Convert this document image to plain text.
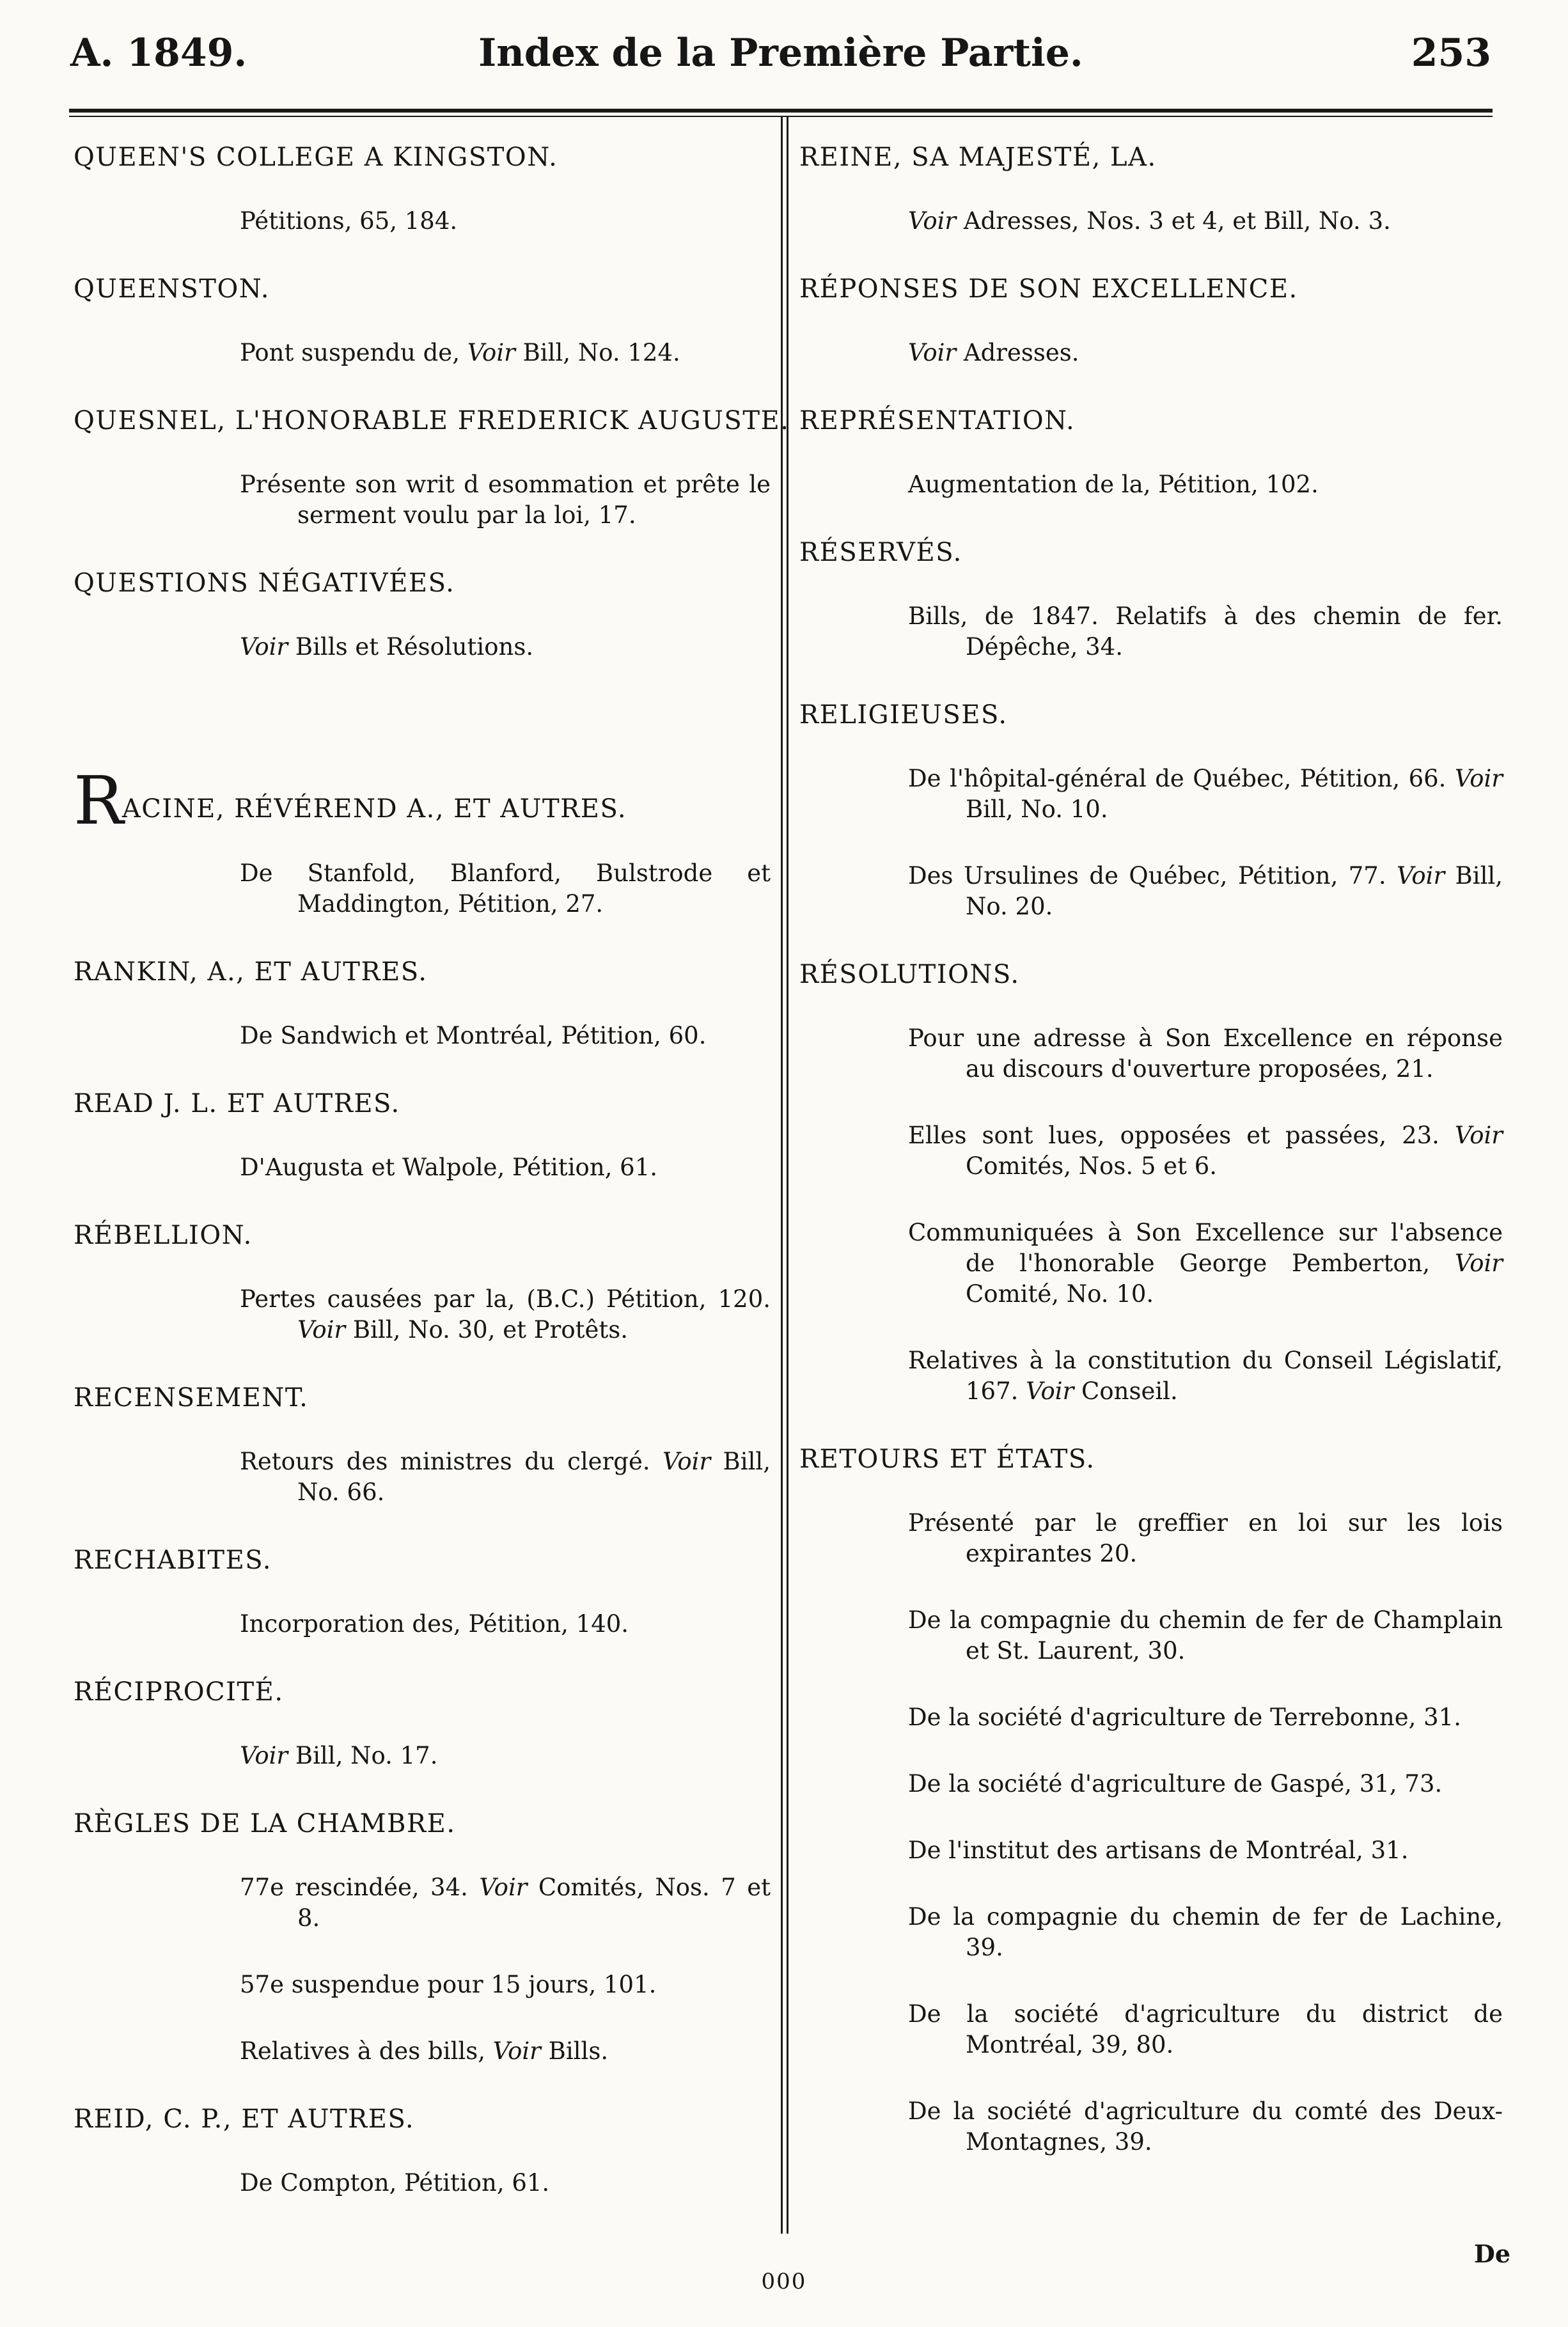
A. 1849.	Index de la Première Partie.	253
QUEEN'S COLLEGE A KINGSTON.
Pétitions, 65, 184.
QUEENSTON.
Pont suspendu de, Voir Bill, No. 124.
QUESNEL, L'HONORABLE FREDERICK AUGUSTE.
Présente son writ d esommation et prête le serment voulu par la loi, 17.
QUESTIONS NÉGATIVÉES.
Voir Bills et Résolutions.
RACINE, RÉVÉREND A., ET AUTRES.
De Stanfold, Blanford, Bulstrode et Maddington, Pétition, 27.
RANKIN, A., ET AUTRES.
De Sandwich et Montréal, Pétition, 60.
READ J. L. ET AUTRES.
D'Augusta et Walpole, Pétition, 61.
RÉBELLION.
Pertes causées par la, (B.C.) Pétition, 120. Voir Bill, No. 30, et Protêts.
RECENSEMENT.
Retours des ministres du clergé. Voir Bill, No. 66.
RECHABITES.
Incorporation des, Pétition, 140.
RÉCIPROCITÉ.
Voir Bill, No. 17.
RÈGLES DE LA CHAMBRE.
77e rescindée, 34. Voir Comités, Nos. 7 et 8.
57e suspendue pour 15 jours, 101.
Relatives à des bills, Voir Bills.
REID, C. P., ET AUTRES.
De Compton, Pétition, 61.
REINE, SA MAJESTÉ, LA.
Voir Adresses, Nos. 3 et 4, et Bill, No. 3.
RÉPONSES DE SON EXCELLENCE.
Voir Adresses.
REPRÉSENTATION.
Augmentation de la, Pétition, 102.
RÉSERVÉS.
Bills, de 1847. Relatifs à des chemin de fer. Dépêche, 34.
RELIGIEUSES.
De l'hôpital-général de Québec, Pétition, 66. Voir Bill, No. 10.
Des Ursulines de Québec, Pétition, 77. Voir Bill, No. 20.
RÉSOLUTIONS.
Pour une adresse à Son Excellence en réponse au discours d'ouverture proposées, 21.
Elles sont lues, opposées et passées, 23. Voir Comités, Nos. 5 et 6.
Communiquées à Son Excellence sur l'absence de l'honorable George Pemberton, Voir Comité, No. 10.
Relatives à la constitution du Conseil Législatif, 167. Voir Conseil.
RETOURS ET ÉTATS.
Présenté par le greffier en loi sur les lois expirantes 20.
De la compagnie du chemin de fer de Champlain et St. Laurent, 30.
De la société d'agriculture de Terrebonne, 31.
De la société d'agriculture de Gaspé, 31, 73.
De l'institut des artisans de Montréal, 31.
De la compagnie du chemin de fer de Lachine, 39.
De la société d'agriculture du district de Montréal, 39, 80.
De la société d'agriculture du comté des Deux-Montagnes, 39.
De
000
